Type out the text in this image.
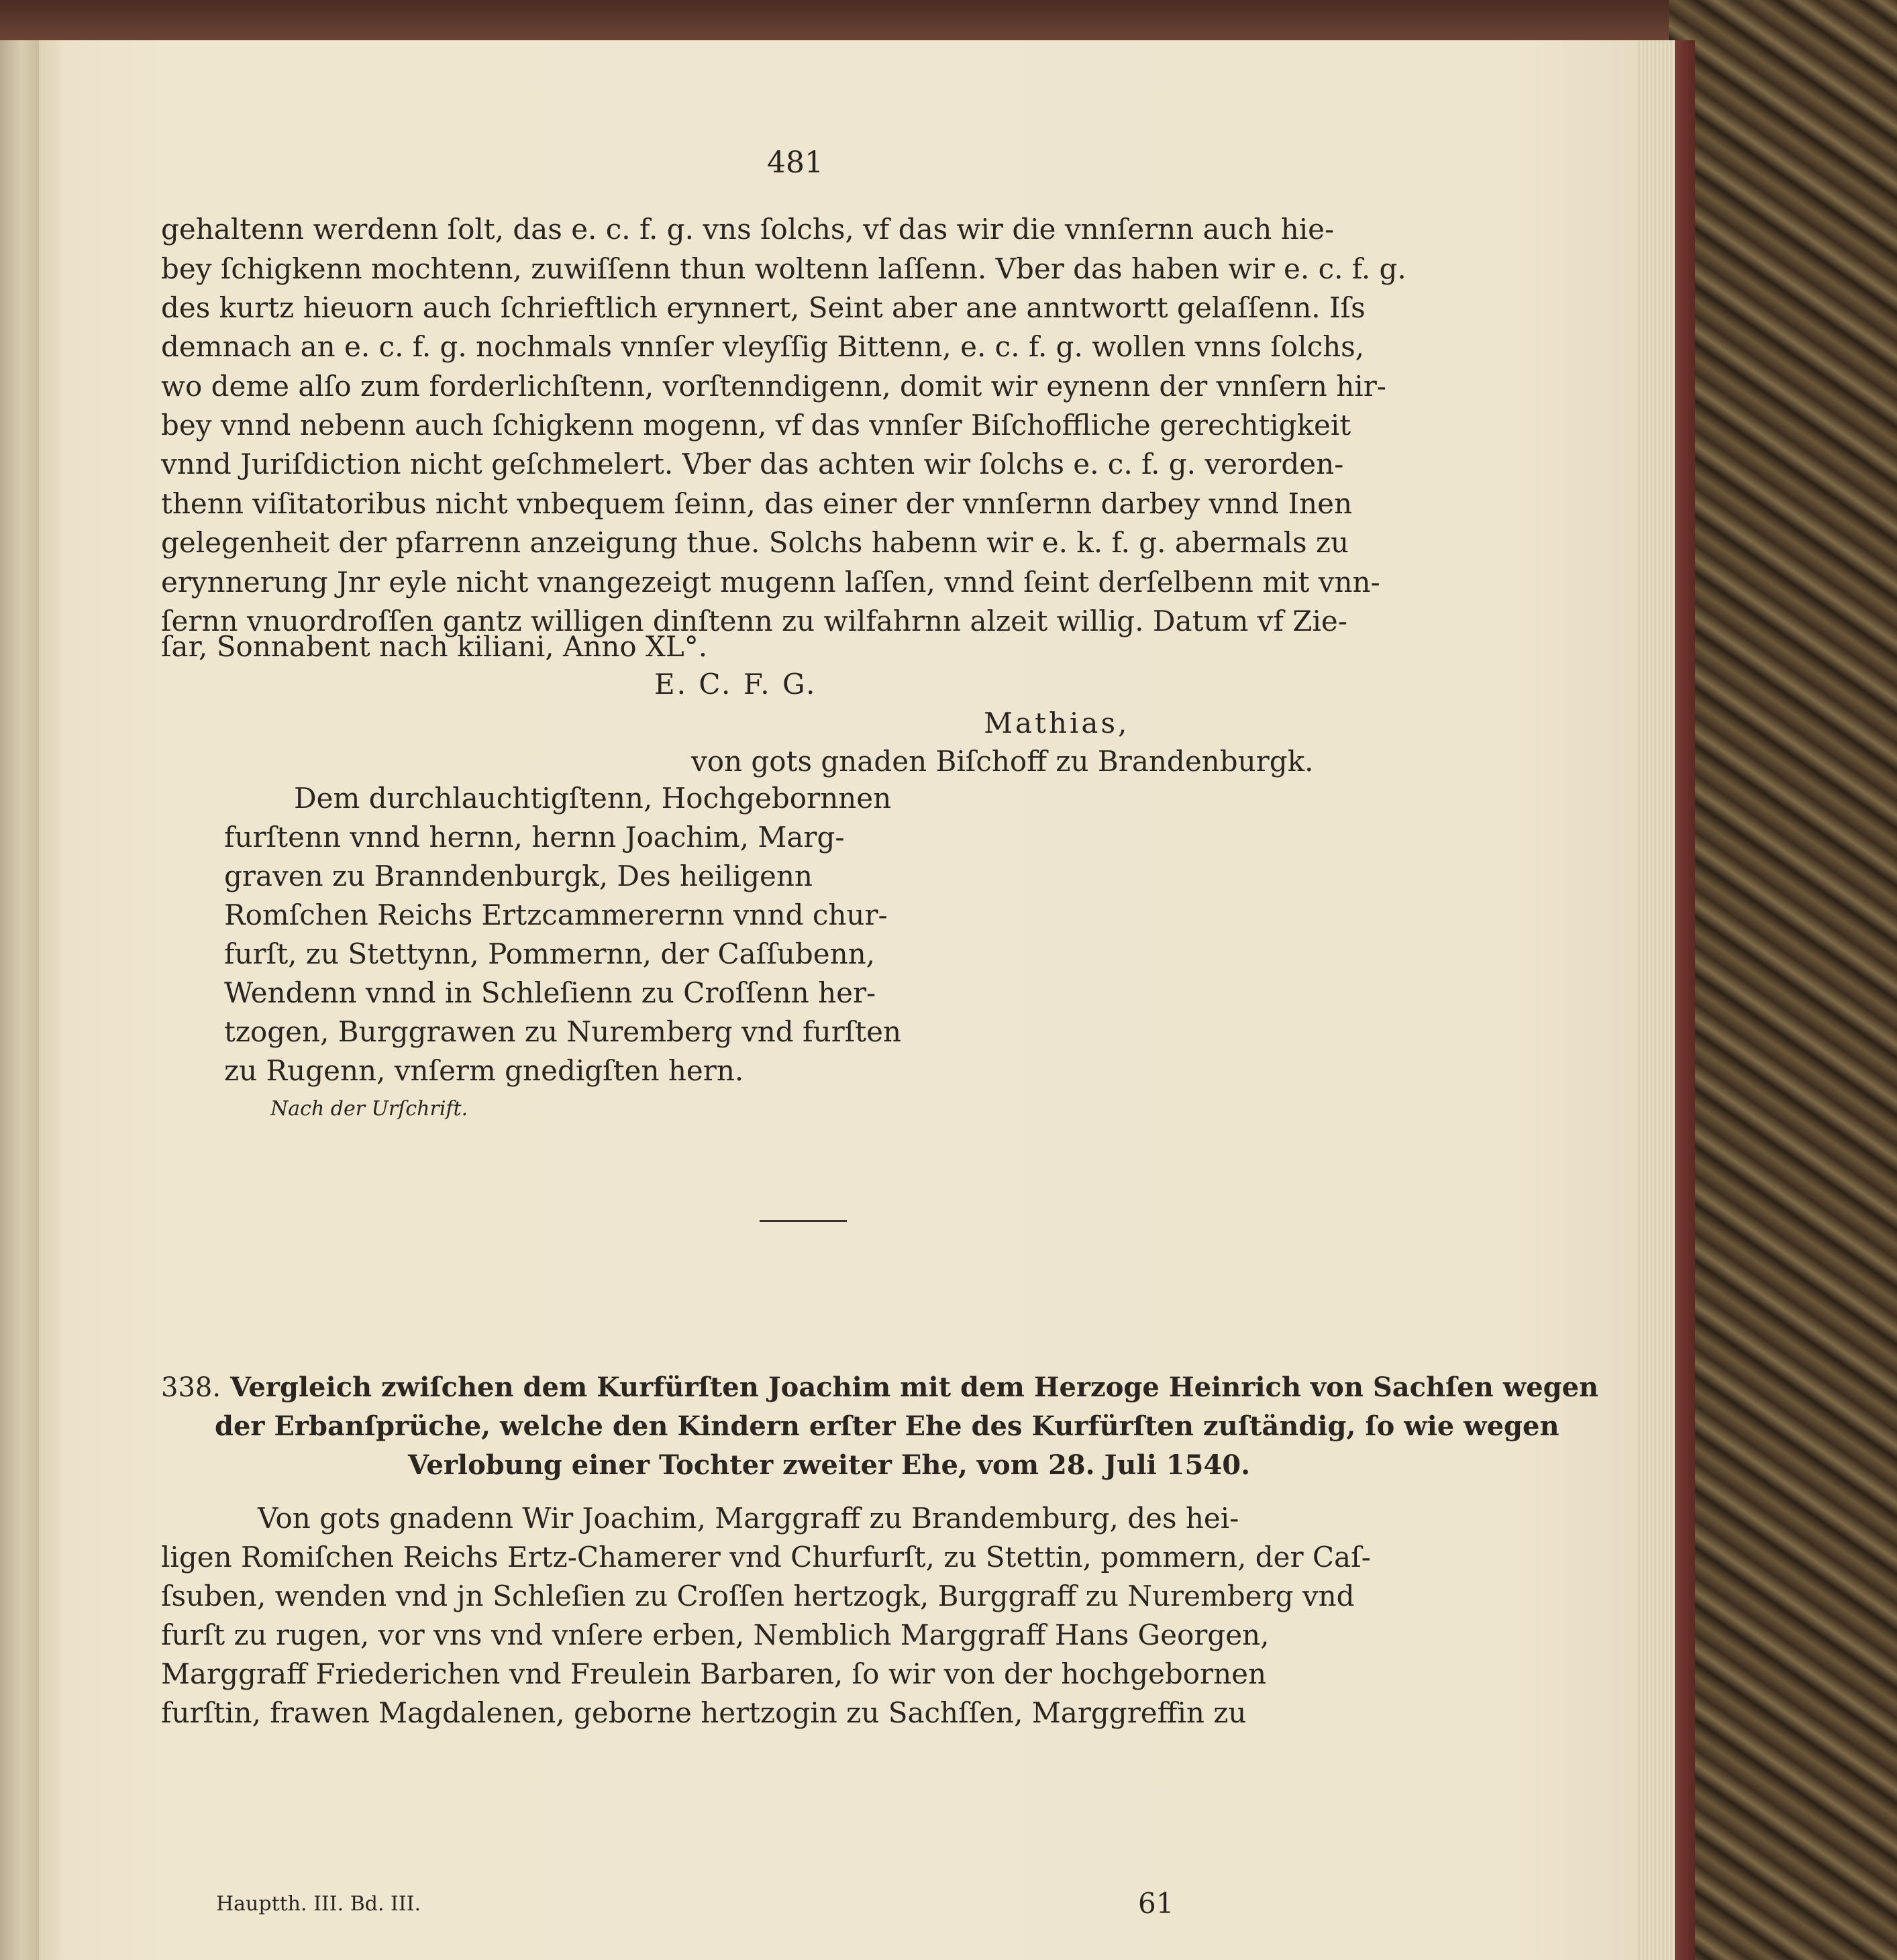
481
gehaltenn werdenn ſolt, das e. c. f. g. vns ſolchs, vf das wir die vnnſernn auch hie-
bey ſchigkenn mochtenn, zuwiſſenn thun woltenn laſſenn. Vber das haben wir e. c. f. g.
des kurtz hieuorn auch ſchrieftlich erynnert, Seint aber ane anntwortt gelaſſenn. Iſs
demnach an e. c. f. g. nochmals vnnſer vleyſſig Bittenn, e. c. f. g. wollen vnns ſolchs,
wo deme alſo zum forderlichſtenn, vorſtenndigenn, domit wir eynenn der vnnſern hir-
bey vnnd nebenn auch ſchigkenn mogenn, vf das vnnſer Biſchoffliche gerechtigkeit
vnnd Juriſdiction nicht geſchmelert. Vber das achten wir ſolchs e. c. f. g. verorden-
thenn viſitatoribus nicht vnbequem ſeinn, das einer der vnnſernn darbey vnnd Inen
gelegenheit der pfarrenn anzeigung thue. Solchs habenn wir e. k. f. g. abermals zu
erynnerung Jnr eyle nicht vnangezeigt mugenn laſſen, vnnd ſeint derſelbenn mit vnn-
ſernn vnuordroſſen gantz willigen dinſtenn zu wilfahrnn alzeit willig. Datum vf Zie-
ſar, Sonnabent nach kiliani, Anno XL°.
E. C. F. G.
Mathias,
von gots gnaden Biſchoff zu Brandenburgk.
Dem durchlauchtigſtenn, Hochgebornnen
furſtenn vnnd hernn, hernn Joachim, Marg-
graven zu Branndenburgk, Des heiligenn
Romſchen Reichs Ertzcammerernn vnnd chur-
furſt, zu Stettynn, Pommernn, der Caſſubenn,
Wendenn vnnd in Schleſienn zu Croſſenn her-
tzogen, Burggrawen zu Nuremberg vnd furſten
zu Rugenn, vnſerm gnedigſten hern.
Nach der Urſchrift.
338. Vergleich zwiſchen dem Kurfürſten Joachim mit dem Herzoge Heinrich von Sachſen wegen
der Erbanſprüche, welche den Kindern erſter Ehe des Kurfürſten zuſtändig, ſo wie wegen
Verlobung einer Tochter zweiter Ehe, vom 28. Juli 1540.
Von gots gnadenn Wir Joachim, Marggraff zu Brandemburg, des hei-
ligen Romiſchen Reichs Ertz-Chamerer vnd Churfurſt, zu Stettin, pommern, der Caſ-
ſsuben, wenden vnd jn Schleſien zu Croſſen hertzogk, Burggraff zu Nuremberg vnd
furſt zu rugen, vor vns vnd vnſere erben, Nemblich Marggraff Hans Georgen,
Marggraff Friederichen vnd Freulein Barbaren, ſo wir von der hochgebornen
furſtin, frawen Magdalenen, geborne hertzogin zu Sachſſen, Marggreffin zu
Hauptth. III. Bd. III.	61
